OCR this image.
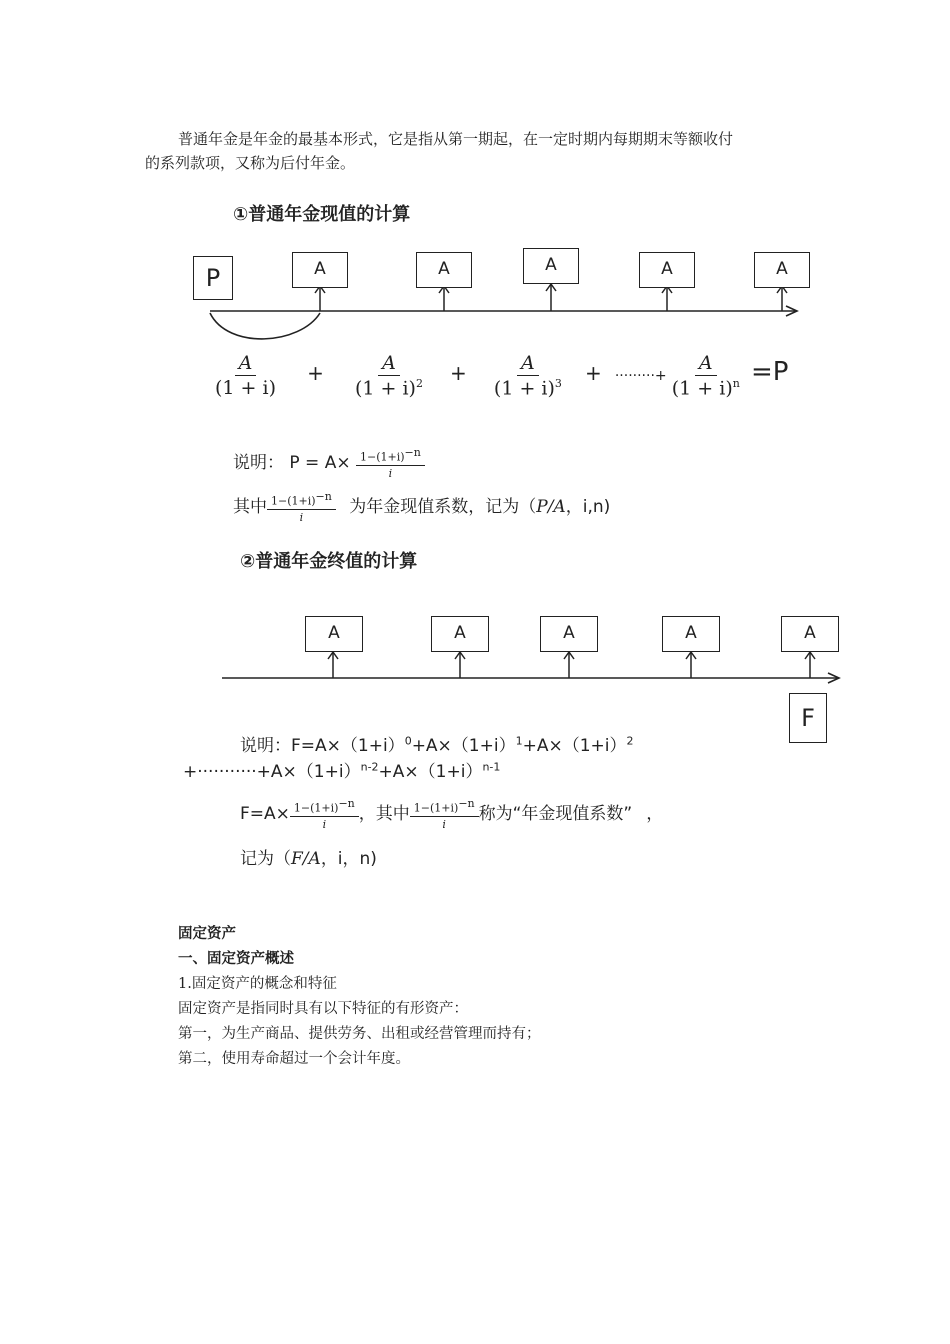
普通年金是年金的最基本形式，它是指从第一期起，在一定时期内每期期末等额收付
的系列款项，又称为后付年金。
①普通年金现值的计算
P	A	A	A	A	A
$\frac{A}{(1 + i)} + \frac{A}{(1 + i)^2} + \frac{A}{(1 + i)^3}$ + ·········+ $\frac{A}{(1 + i)^n} =P$
说明： $P = A\times \frac{1-(1+i)^{-n}}{i}$
其中 $\frac{1-(1+i)^{-n}}{i}$ 为年金现值系数，记为（P/A，i,n)
②普通年金终值的计算
A	A	A	A	A
F
说明：$F=A\times(1+i)^0+A\times(1+i)^1+A\times(1+i)^2$
$+\cdot\cdot\cdot\cdot\cdot\cdot\cdot\cdot\cdot\cdot\cdot+A\times(1+i)^{n-2}+A\times(1+i)^{n-1}$
$F=A\times \frac{1-(1+i)^{-n}}{i}$ ，其中 $\frac{1-(1+i)^{-n}}{i}$ 称为“年金现值系数” ，
记为（F/A，i，n)
固定资产
一、固定资产概述
1.固定资产的概念和特征
固定资产是指同时具有以下特征的有形资产：
第一，为生产商品、提供劳务、出租或经营管理而持有；
第二，使用寿命超过一个会计年度。
